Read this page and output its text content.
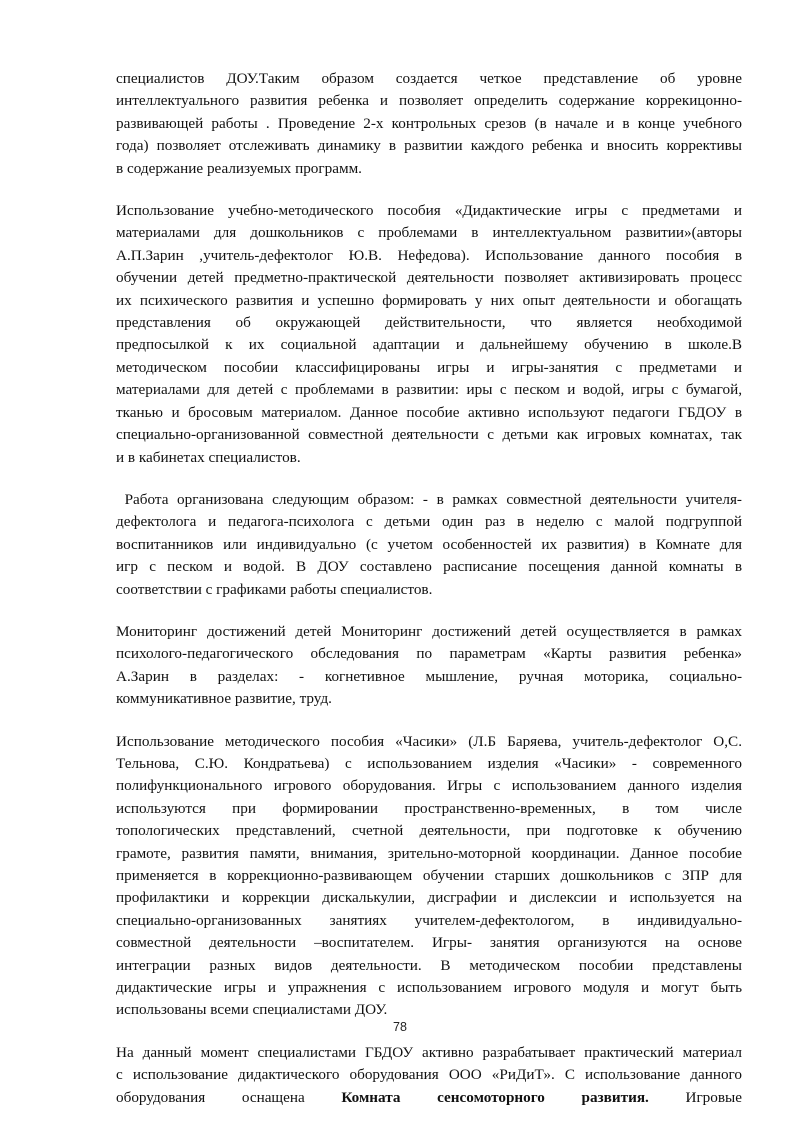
специалистов ДОУ.Таким образом создается четкое представление об уровне
интеллектуального развития ребенка и позволяет определить содержание коррекицонно-
развивающей работы . Проведение 2-х контрольных срезов (в начале и в конце учебного
года) позволяет отслеживать динамику в развитии каждого ребенка и вносить коррективы
в содержание реализуемых программ.

Использование учебно-методического пособия «Дидактические игры с предметами и
материалами для дошкольников с проблемами в интеллектуальном развитии»(авторы
А.П.Зарин ,учитель-дефектолог Ю.В. Нефедова). Использование данного пособия в
обучении детей предметно-практической деятельности позволяет активизировать процесс
их психического развития и успешно формировать у них опыт деятельности и обогащать
представления об окружающей действительности, что является необходимой
предпосылкой к их социальной адаптации и дальнейшему обучению в школе.В
методическом пособии классифицированы игры и игры-занятия с предметами и
материалами для детей с проблемами в развитии: иры с песком и водой, игры с бумагой,
тканью и бросовым материалом. Данное пособие активно используют педагоги ГБДОУ в
специально-организованной совместной деятельности с детьми как игровых комнатах, так
и в кабинетах специалистов.

Работа организована следующим образом: - в рамках совместной деятельности учителя-
дефектолога и педагога-психолога с детьми один раз в неделю с малой подгруппой
воспитанников или индивидуально (с учетом особенностей их развития) в Комнате для
игр с песком и водой. В ДОУ составлено расписание посещения данной комнаты в
соответствии с графиками работы специалистов.

Мониторинг достижений детей Мониторинг достижений детей осуществляется в рамках
психолого-педагогического обследования по параметрам «Карты развития ребенка»
А.Зарин в разделах: - когнетивное мышление, ручная моторика, социально-
коммуникативное развитие, труд.

Использование методического пособия «Часики» (Л.Б Баряева, учитель-дефектолог О,С.
Тельнова, С.Ю. Кондратьева) с использованием изделия «Часики» - современного
полифункционального игрового оборудования. Игры с использованием данного изделия
используются при формировании пространственно-временных, в том числе
топологических представлений, счетной деятельности, при подготовке к обучению
грамоте, развития памяти, внимания, зрительно-моторной координации. Данное пособие
применяется в коррекционно-развивающем обучении старших дошкольников с ЗПР для
профилактики и коррекции дискалькулии, дисграфии и дислексии и используется на
специально-организованных занятиях учителем-дефектологом, в индивидуально-
совместной деятельности –воспитателем. Игры- занятия организуются на основе
интеграции разных видов деятельности. В методическом пособии представлены
дидактические игры и упражнения с использованием игрового модуля и могут быть
использованы всеми специалистами ДОУ.

На данный момент специалистами ГБДОУ активно разрабатывает практический материал
с использование дидактического оборудования ООО «РиДиТ». С использование данного
оборудования оснащена Комната сенсомоторного развития. Игровые

78
